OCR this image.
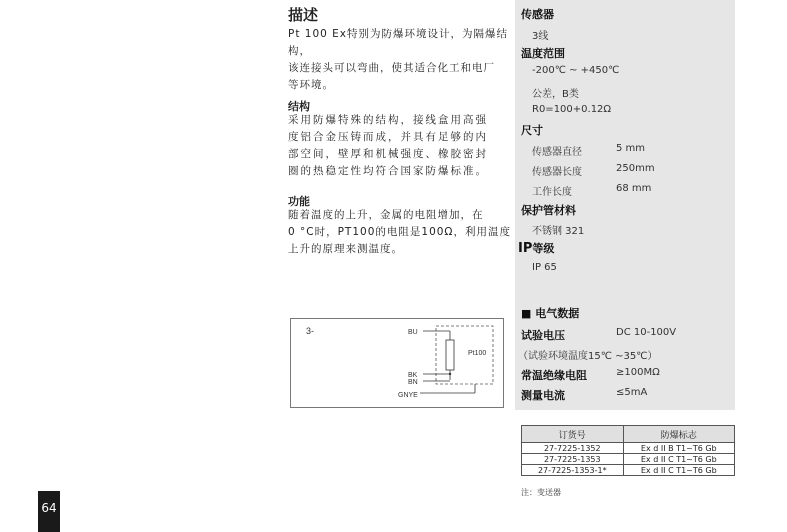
64
描述
Pt 100 Ex特别为防爆环境设计，为隔爆结构，
该连接头可以弯曲，使其适合化工和电厂
等环境。
结构
采用防爆特殊的结构，接线盒用高强
度铝合金压铸而成，并具有足够的内
部空间，壁厚和机械强度、橡胶密封
圈的热稳定性均符合国家防爆标准。
功能
随着温度的上升，金属的电阻增加，在
0 °C时，PT100的电阻是100Ω，利用温度
上升的原理来测温度。
3-	BU
BK
BN
GNYE
Pt100
传感器
3线
温度范围
-200℃ ~ +450℃
公差，B类
R0=100+0.12Ω
尺寸
传感器直径	5 mm
传感器长度	250mm
工作长度	68 mm
保护管材料
不锈钢 321
IP等级
IP 65
■ 电气数据
试验电压	DC 10-100V
（试验环境温度15℃ ~35℃）
常温绝缘电阻	≥100MΩ
测量电流	≤5mA
订货号	防爆标志
27-7225-1352	Ex d II B T1~T6 Gb
27-7225-1353	Ex d II C T1~T6 Gb
27-7225-1353-1*	Ex d II C T1~T6 Gb
注：变送器
